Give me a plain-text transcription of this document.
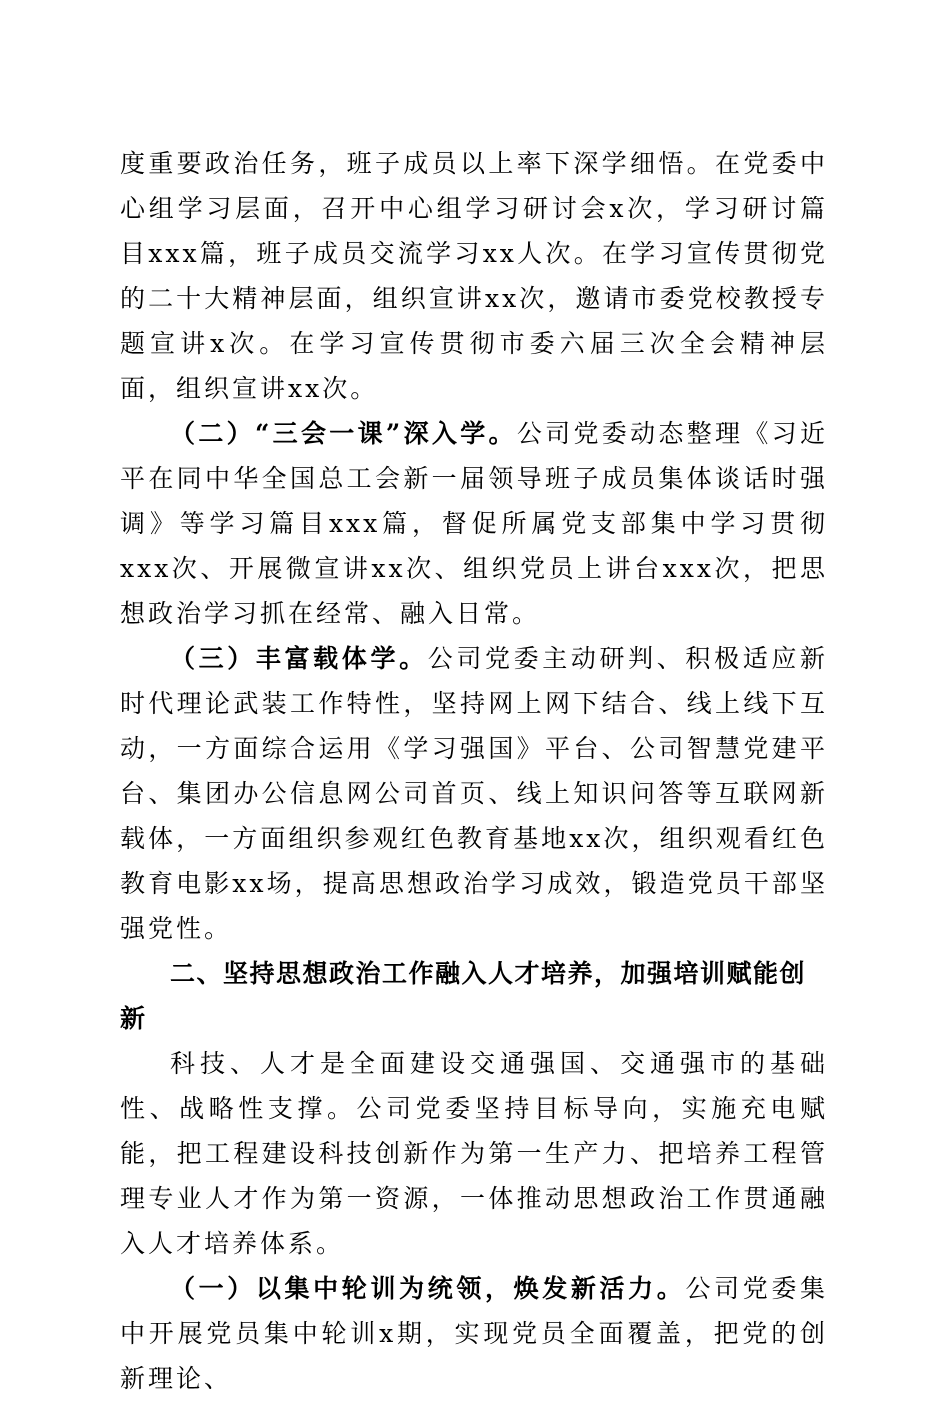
度重要政治任务，班子成员以上率下深学细悟。在党委中心组学习层面，召开中心组学习研讨会x次，学习研讨篇目xxx篇，班子成员交流学习xx人次。在学习宣传贯彻党的二十大精神层面，组织宣讲xx次，邀请市委党校教授专题宣讲x次。在学习宣传贯彻市委六届三次全会精神层面，组织宣讲xx次。

（二）“三会一课”深入学。公司党委动态整理《习近平在同中华全国总工会新一届领导班子成员集体谈话时强调》等学习篇目xxx篇，督促所属党支部集中学习贯彻xxx次、开展微宣讲xx次、组织党员上讲台xxx次，把思想政治学习抓在经常、融入日常。

（三）丰富载体学。公司党委主动研判、积极适应新时代理论武装工作特性，坚持网上网下结合、线上线下互动，一方面综合运用《学习强国》平台、公司智慧党建平台、集团办公信息网公司首页、线上知识问答等互联网新载体，一方面组织参观红色教育基地xx次，组织观看红色教育电影xx场，提高思想政治学习成效，锻造党员干部坚强党性。

二、坚持思想政治工作融入人才培养，加强培训赋能创新

科技、人才是全面建设交通强国、交通强市的基础性、战略性支撑。公司党委坚持目标导向，实施充电赋能，把工程建设科技创新作为第一生产力、把培养工程管理专业人才作为第一资源，一体推动思想政治工作贯通融入人才培养体系。

（一）以集中轮训为统领，焕发新活力。公司党委集中开展党员集中轮训x期，实现党员全面覆盖，把党的创新理论、
